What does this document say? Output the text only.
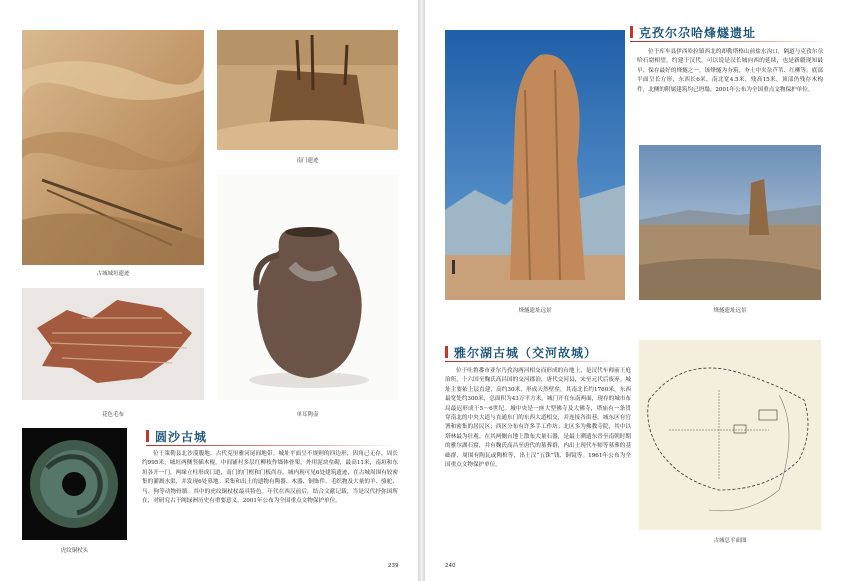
古城城垣遗迹
南门遗迹
单耳陶壶
花色毛布
虎纹铜杖头
圆沙古城
位于策勒县北沙漠腹地，古代克里雅河尾间地带。城址平面呈不规则的四边形，因角已无存，周长约995米。城垣两侧竖插木棍，中间铺衬多层红柳枝作墙体骨架，外用泥块垒砌，最高11米，南垣和东垣各开一门，两缘立柱形成门道，南门的门框和门板尚存。城内现可见6处建筑遗迹，在古城周围有较密集的灌溉水渠，并发现6处墓地。采集和出土的遗物有陶器、木器、铜饰件、毛织物及大量的羊、骆驼、马、狗等动物骨骼。其中的虎纹铜杖杖最具特色。年代在西汉前后，结合文献记载，当是汉代抒弥国所在，对研究古于阗绿洲历史有重要意义。2001年公布为全国重点文物保护单位。
239
克孜尔尕哈烽燧遗址
位于库车县伊西哈拉镇西北的却勒塔格山前盐水沟口，隔道与克孜尔尕哈石窟相望，约建于汉代，可以说是汉长城向西的延续，也是新疆现知最早、保存最好的烽燧之一。该烽燧为夯筑，夯土中夹杂芦苇、红柳等。底部平面呈长方形，东西长6米，南北宽4.5米，残高15米，顶部仍残存木构件，北侧的附属建筑均已坍塌。2001年公布为全国重点文物保护单位。
烽燧遗址远景	烽燧遗址远景
雅尔湖古城（交河故城）
位于吐鲁番市亚尔乃孜沟两河相交而形成的台地上，是汉代车师前王庭治所，十六国至麴氏高昌国的交河郡治，唐代交河县，宋至元代后废弃。城址主要依上层直建，高约30米，形成天然壁垒，其南北长约1760米，东西最宽处约300米，总面积为43万平方米，城门开在东南两面，现存的城市布局最迟形成于5～6世纪。城中央是一座大型佛寺及大佛寺，塔庙有一条贯穿南北的中央大道与直通东门的东西大道相交，并连接各街巷。城东区有官署和密集的居民区；西区分布有许多手工作坊；北区多为佛教寺院，其中以塔林最为壮观。在其两侧台地上散布大量石器，是最上溯遗东晋至南朝时期的雅尔湖石窟，并有麴氏高昌至唐代的墓葬群，内出土现代车师等墓葬的基础群，周围有陶瓦或陶棺等，出土汉“五铢”钱、铜镜等。1961年公布为全国重点文物保护单位。
古城总平面图
240
